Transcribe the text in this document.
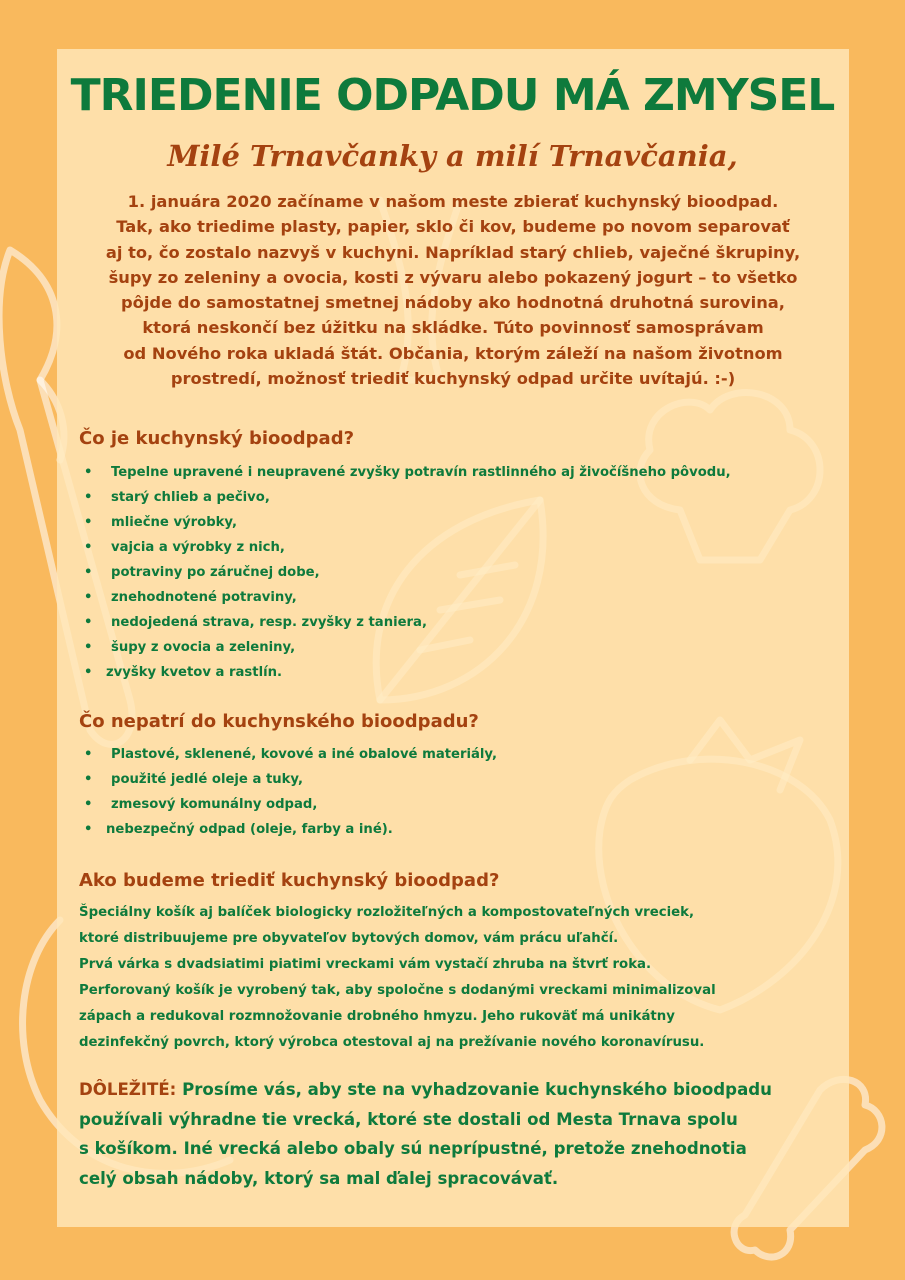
TRIEDENIE ODPADU MÁ ZMYSEL
Milé Trnavčanky a milí Trnavčania,

1. januára 2020 začíname v našom meste zbierať kuchynský bioodpad.
Tak, ako triedime plasty, papier, sklo či kov, budeme po novom separovať
aj to, čo zostalo nazvyš v kuchyni. Napríklad starý chlieb, vaječné škrupiny,
šupy zo zeleniny a ovocia, kosti z vývaru alebo pokazený jogurt – to všetko
pôjde do samostatnej smetnej nádoby ako hodnotná druhotná surovina,
ktorá neskončí bez úžitku na skládke. Túto povinnosť samosprávam
od Nového roka ukladá štát. Občania, ktorým záleží na našom životnom
prostredí, možnosť triediť kuchynský odpad určite uvítajú. :-)

Čo je kuchynský bioodpad?
• Tepelne upravené i neupravené zvyšky potravín rastlinného aj živočíšneho pôvodu,
• starý chlieb a pečivo,
• mliečne výrobky,
• vajcia a výrobky z nich,
• potraviny po záručnej dobe,
• znehodnotené potraviny,
• nedojedená strava, resp. zvyšky z taniera,
• šupy z ovocia a zeleniny,
• zvyšky kvetov a rastlín.
Čo nepatrí do kuchynského bioodpadu?
• Plastové, sklenené, kovové a iné obalové materiály,
• použité jedlé oleje a tuky,
• zmesový komunálny odpad,
• nebezpečný odpad (oleje, farby a iné).
Ako budeme triediť kuchynský bioodpad?

Špeciálny košík aj balíček biologicky rozložiteľných a kompostovateľných vreciek,
ktoré distribuujeme pre obyvateľov bytových domov, vám prácu uľahčí.
Prvá várka s dvadsiatimi piatimi vreckami vám vystačí zhruba na štvrť roka.
Perforovaný košík je vyrobený tak, aby spoločne s dodanými vreckami minimalizoval
zápach a redukoval rozmnožovanie drobného hmyzu. Jeho rukoväť má unikátny
dezinfekčný povrch, ktorý výrobca otestoval aj na prežívanie nového koronavírusu.

DÔLEŽITÉ: Prosíme vás, aby ste na vyhadzovanie kuchynského bioodpadu
používali výhradne tie vrecká, ktoré ste dostali od Mesta Trnava spolu
s košíkom. Iné vrecká alebo obaly sú neprípustné, pretože znehodnotia
celý obsah nádoby, ktorý sa mal ďalej spracovávať.
